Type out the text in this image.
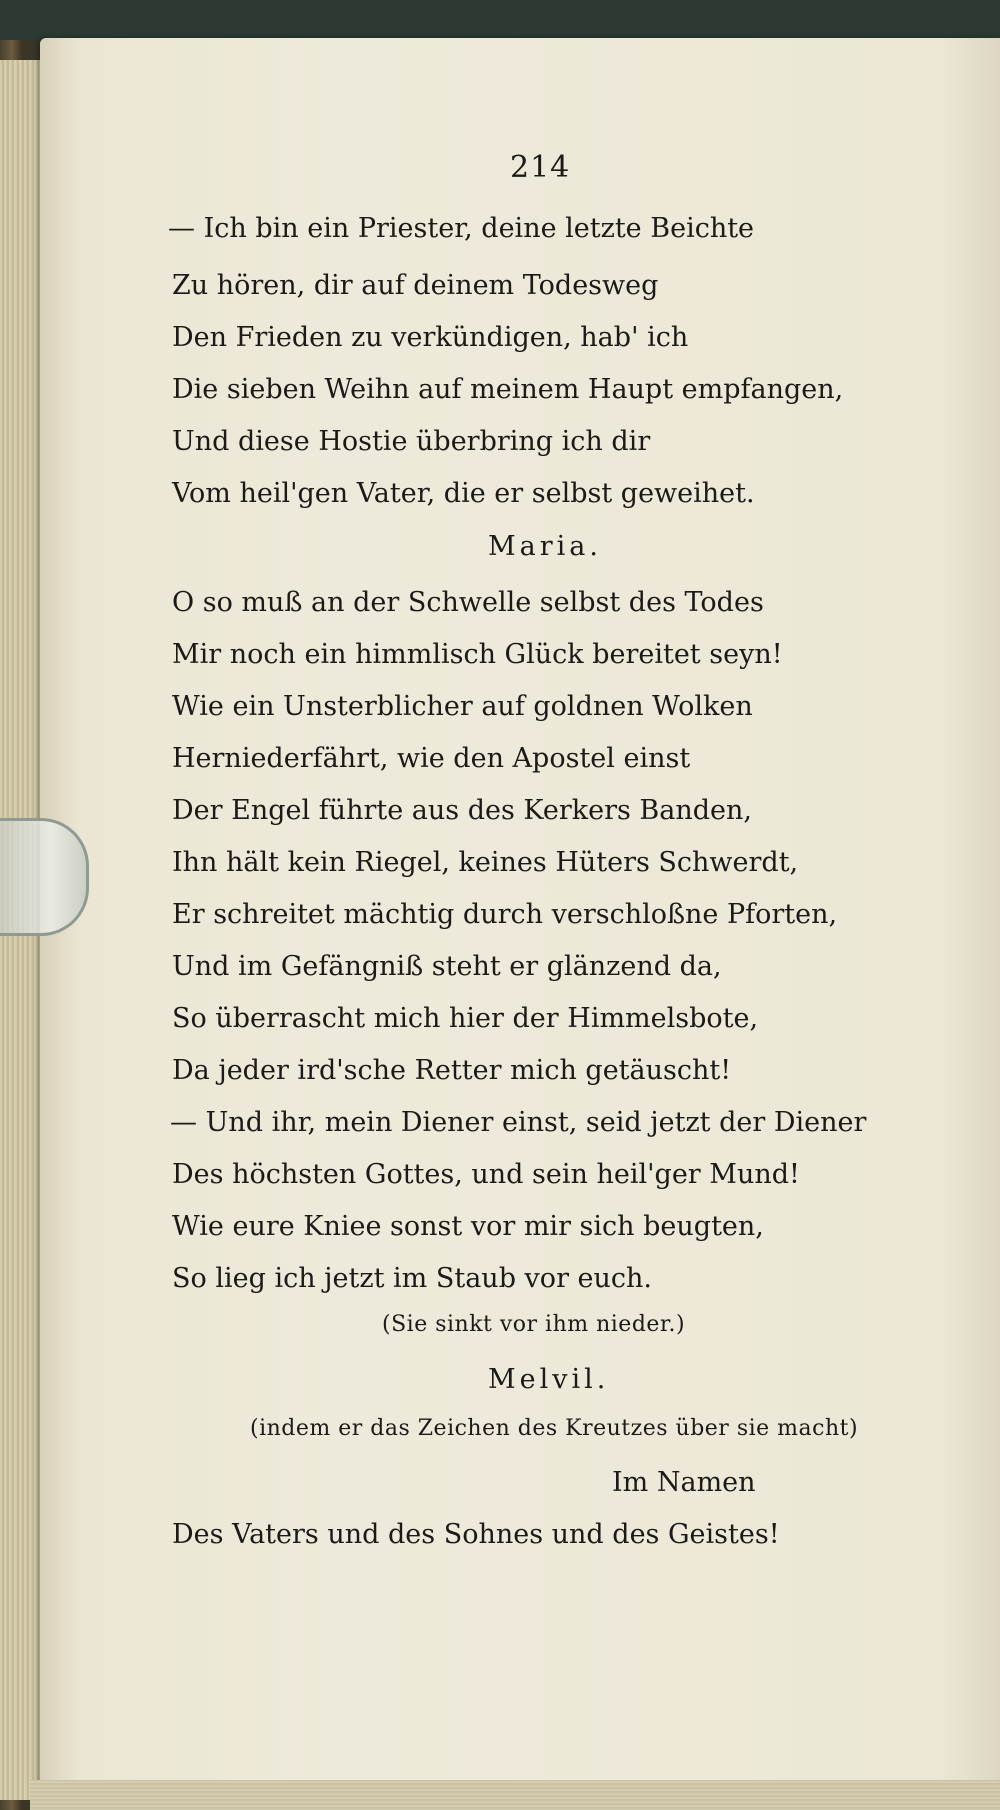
214
— Ich bin ein Priester, deine letzte Beichte
Zu hören, dir auf deinem Todesweg
Den Frieden zu verkündigen, hab' ich
Die sieben Weihn auf meinem Haupt empfangen,
Und diese Hostie überbring ich dir
Vom heil'gen Vater, die er selbst geweihet.
Maria.
O so muß an der Schwelle selbst des Todes
Mir noch ein himmlisch Glück bereitet seyn!
Wie ein Unsterblicher auf goldnen Wolken
Herniederfährt, wie den Apostel einst
Der Engel führte aus des Kerkers Banden,
Ihn hält kein Riegel, keines Hüters Schwerdt,
Er schreitet mächtig durch verschloßne Pforten,
Und im Gefängniß steht er glänzend da,
So überrascht mich hier der Himmelsbote,
Da jeder ird'sche Retter mich getäuscht!
— Und ihr, mein Diener einst, seid jetzt der Diener
Des höchsten Gottes, und sein heil'ger Mund!
Wie eure Kniee sonst vor mir sich beugten,
So lieg ich jetzt im Staub vor euch.
(Sie sinkt vor ihm nieder.)
Melvil.
(indem er das Zeichen des Kreutzes über sie macht)
Im Namen
Des Vaters und des Sohnes und des Geistes!
